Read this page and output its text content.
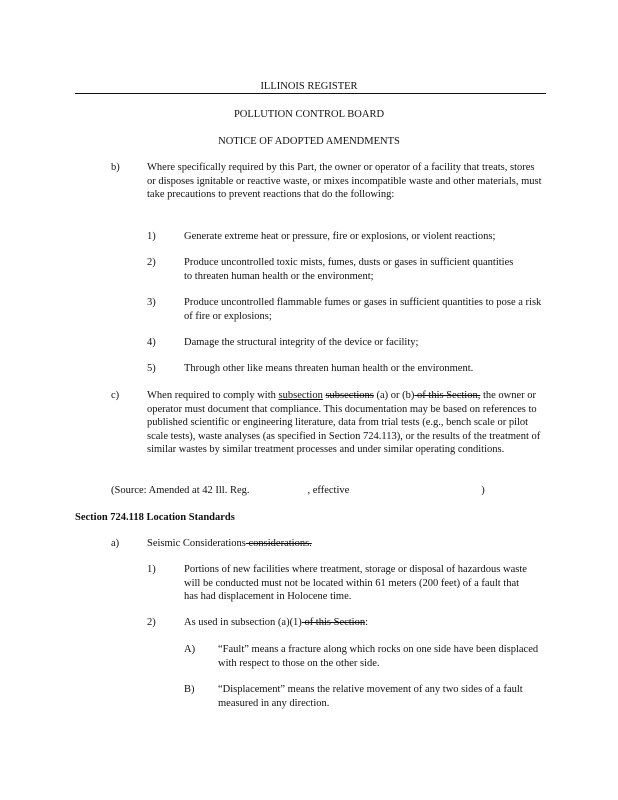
ILLINOIS REGISTER
POLLUTION CONTROL BOARD
NOTICE OF ADOPTED AMENDMENTS
b)	Where specifically required by this Part, the owner or operator of a facility that treats, stores or disposes ignitable or reactive waste, or mixes incompatible waste and other materials, must take precautions to prevent reactions that do the following:
1)	Generate extreme heat or pressure, fire or explosions, or violent reactions;
2)	Produce uncontrolled toxic mists, fumes, dusts or gases in sufficient quantities to threaten human health or the environment;
3)	Produce uncontrolled flammable fumes or gases in sufficient quantities to pose a risk of fire or explosions;
4)	Damage the structural integrity of the device or facility;
5)	Through other like means threaten human health or the environment.
c)	When required to comply with subsection subsections (a) or (b) of this Section, the owner or operator must document that compliance. This documentation may be based on references to published scientific or engineering literature, data from trial tests (e.g., bench scale or pilot scale tests), waste analyses (as specified in Section 724.113), or the results of the treatment of similar wastes by similar treatment processes and under similar operating conditions.
(Source: Amended at 42 Ill. Reg.	, effective	)
Section 724.118 Location Standards
a)	Seismic Considerations considerations.
1)	Portions of new facilities where treatment, storage or disposal of hazardous waste will be conducted must not be located within 61 meters (200 feet) of a fault that has had displacement in Holocene time.
2)	As used in subsection (a)(1) of this Section:
A) “Fault” means a fracture along which rocks on one side have been displaced with respect to those on the other side.
B) “Displacement” means the relative movement of any two sides of a fault measured in any direction.
